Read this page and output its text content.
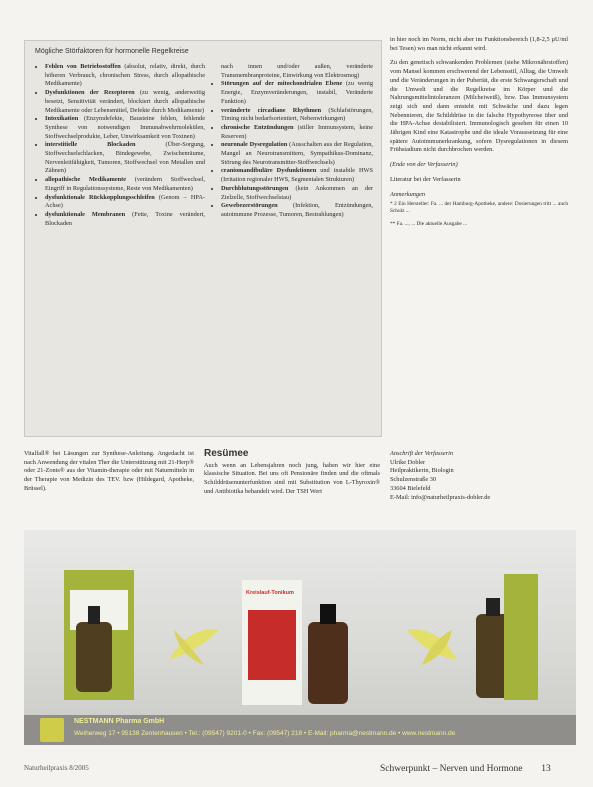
Mögliche Störfaktoren für hormonelle Regelkreise
• Fehlen von Betriebsstoffen (absolut, relativ, direkt, durch höheren Verbrauch, chronischen Stress, durch allopathische Medikamente)
• Dysfunktionen der Rezeptoren (zu wenig, anderweitig besetzt, Sensitivität verändert, blockiert durch allopathische Medikamente oder Lebensmittel, Defekte durch Medikamente)
• Intoxikation (Enzymdefekte, Bausteine fehlen, fehlende Synthese von notwendigen Immunabwehrmolekülen, Stoffwechselprodukte, Leber, Unwirksamkeit von Toxinen)
• interstitielle Blockaden (Über-Sorgung, Stoffwechselschlacken, Bindegewebe, Zwischenräume, Nervenleitfähigkeit, Tumoren, Stoffwechsel von Metallen und Zähnen)
• allopathische Medikamente (verändern Stoffwechsel, Eingriff in Regulationssysteme, Reste von Medikamenten)
• dysfunktionale Rückkopplungsschleifen (Genom – HPA-Achse)
• dysfunktionale Membranen (Fette, Toxine verändert, Blockaden
nach innen und/oder außen, veränderte Transmembranproteine, Einwirkung von Elektrosmog)
• Störungen auf der mitochondrialen Ebene (zu wenig Energie, Enzymveränderungen, instabil, Veränderte Funktion)
• veränderte circadiane Rhythmen (Schlafstörungen, Timing nicht bedarfsorientiert, Nebenwirkungen)
• chronische Entzündungen (stiller Immunsystem, keine Reserven)
• neuronale Dysregulation (Ausschalten aus der Regulation, Mangel an Neurotransmittern, Sympathikus-Dominanz, Störung des Neurotransmitter-Stoffwechsels)
• craniomandibuläre Dysfunktionen und instabile HWS (Irritation regionaler HWS, Segmentalen Strukturen)
• Durchblutungsstörungen (kein Ankommen an der Zielzelle, Stoffwechselstau)
• Gewebezerstörungen (Infektion, Entzündungen, autoimmune Prozesse, Tumoren, Bestrahlungen)

in hier noch im Norm, nicht aber im Funktionsbereich (1,8-2,5 µU/ml bei Tesen) wo man nicht erkannt wird.

Zu den genetisch schwankenden Problemen (siehe Mikronährstoffen) vom Mansel kommen erschwerend der Lebensstil, Alltag, die Umwelt und die Veränderungen in der Pubertät, die erste Schwangerschaft und die Umwelt und die Regelkreise im Körper und die Nahrungsmittelintoleranzen (Milcheiweiß), bzw. Das Immunsystem zeigt sich und dann entsteht mit Schwäche und dazu legen Nebennieren, die Schilddrüse in die falsche Hypothyreose über und die HPA-Achse destabilisiert. Immunologisch gesehen für einen 10 Jährigen Kind eine Katastrophe und die ideale Voraussetzung für eine spätere Autoimmunerkrankung, sofern Dysregulationen in diesem Frühstadium nicht durchbrochen werden.

(Ende von der Verfasserin)

Literatur bei der Verfasserin

Anmerkungen

* 2 Ein Hersteller: Fa. ... der Hamburg-Apotheke, andere: Dosierungen tritt ... auch Schulz ...

** Fa. ..., ... Die aktuelle Ausgabe ...

Vitalfall® bei Läsungen zur Synthese-Anleitung. Angedacht ist nach Anwendung der vitalen Ther die Unterstützung mit 21-Herp® oder 21-Zonts® aus der Vitamin-therapie oder mit Naturmitteln in der Therapie von Medizin des TEV. bzw (Hildegard, Apotheke, Brüssel).

Resümee

Auch wenn an Lebensjahren noch jung, haben wir hier eine klassische Situation. Bei uns oft Pensionäre finden und die oftmals Schilddrüsenunterfunktion sind mit Substitution von L-Thyroxin® und Antibiotika behandelt wird. Der TSH Wert

Anschrift der Verfasserin
Ulrike Dobler
Heilpraktikerin, Biologin
Schulzenstraße 30
33604 Bielefeld
E-Mail: info@naturheilpraxis-dobler.de
Kreislauf-Tonikum
NESTMANN Pharma GmbH
Weiherweg 17 • 95138 Zentenhausen • Tel.: (09547) 9201-0 • Fax: (09547) 218 • E-Mail: pharma@nestmann.de • www.nestmann.de
Naturheilpraxis 8/2005	Schwerpunkt – Nerven und Hormone 13
